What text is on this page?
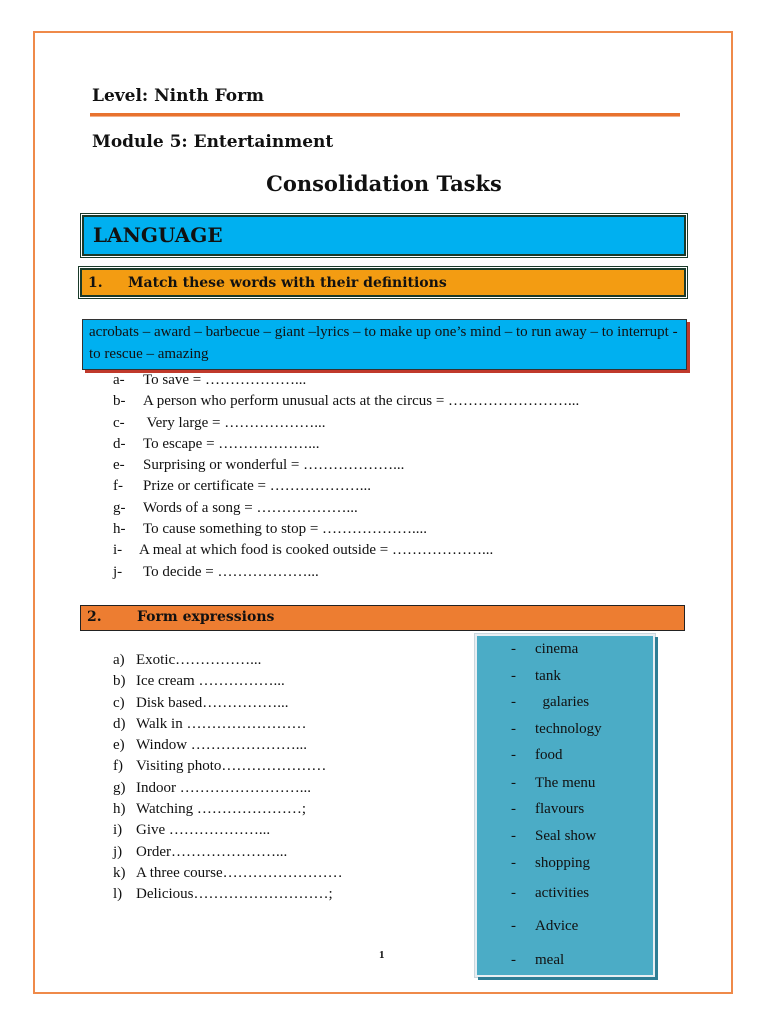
Level: Ninth Form
Module 5: Entertainment
Consolidation Tasks
LANGUAGE
1. Match these words with their definitions
acrobats – award – barbecue – giant –lyrics – to make up one’s mind – to run away – to interrupt - to rescue – amazing
a- To save = ………………...
b- A person who perform unusual acts at the circus = ……………………...
c- Very large = ………………...
d- To escape = ………………...
e- Surprising or wonderful = ………………...
f- Prize or certificate = ………………...
g- Words of a song = ………………...
h- To cause something to stop = ………………....
i- A meal at which food is cooked outside = ………………...
j- To decide = ………………...
2.	Form expressions
a) Exotic……………...
b) Ice cream ……………...
c) Disk based……………...
d) Walk in ……………………
e) Window …………………...
f) Visiting photo…………………
g) Indoor ……………………...
h) Watching …………………;
i) Give ………………...
j) Order…………………...
k) A three course……………………
l) Delicious………………………;
- cinema
- tank
-  galaries
- technology
- food
- The menu
- flavours
- Seal show
- shopping
- activities
- Advice
- meal
1
